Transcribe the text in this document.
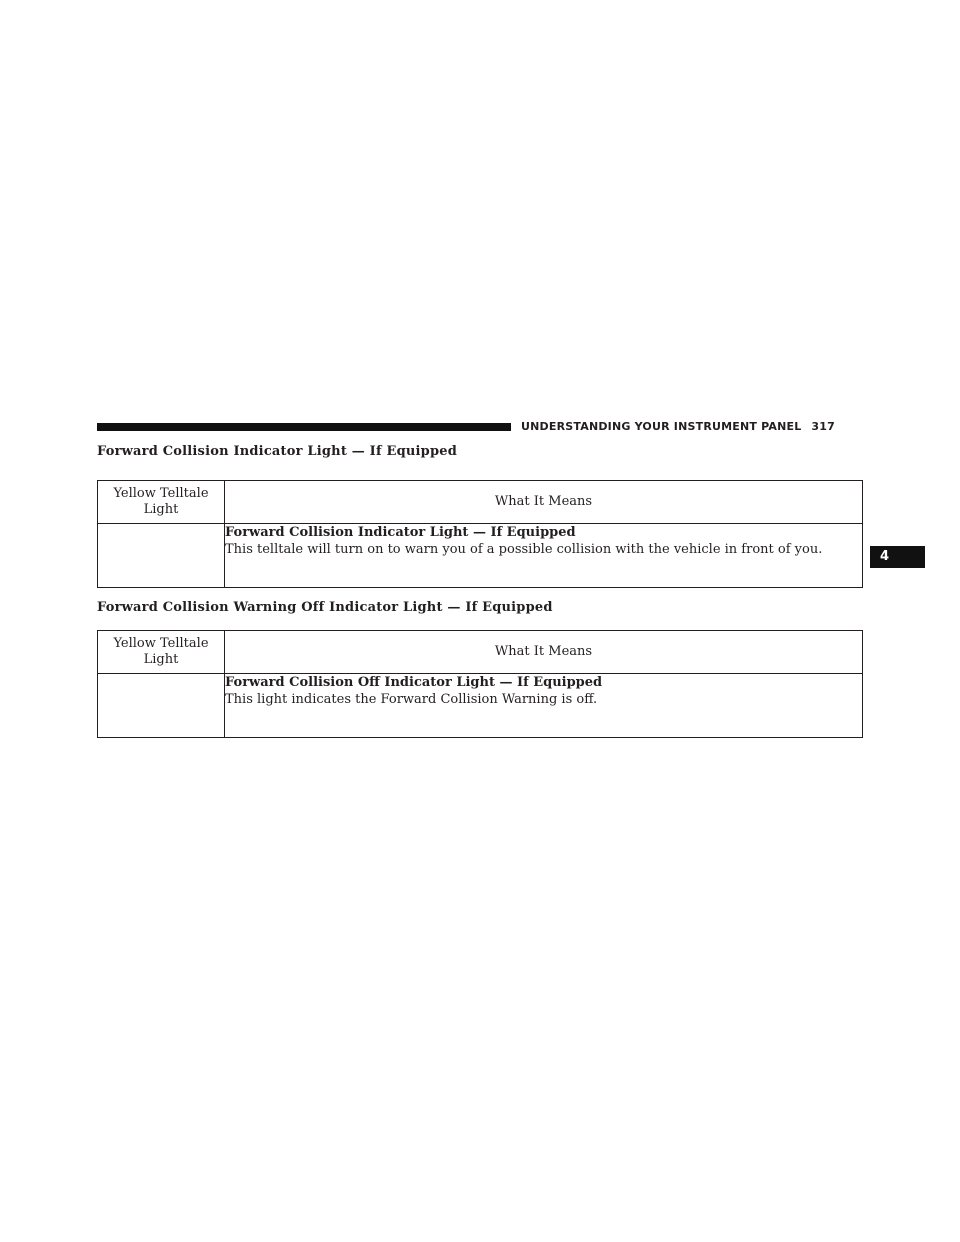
UNDERSTANDING YOUR INSTRUMENT PANEL 317
4
Forward Collision Indicator Light — If Equipped
Yellow Telltale
Light	What It Means

	Forward Collision Indicator Light — If Equipped
This telltale will turn on to warn you of a possible collision with the vehicle in front of you.
Forward Collision Warning Off Indicator Light — If Equipped
Yellow Telltale
Light	What It Means

	Forward Collision Off Indicator Light — If Equipped
This light indicates the Forward Collision Warning is off.
